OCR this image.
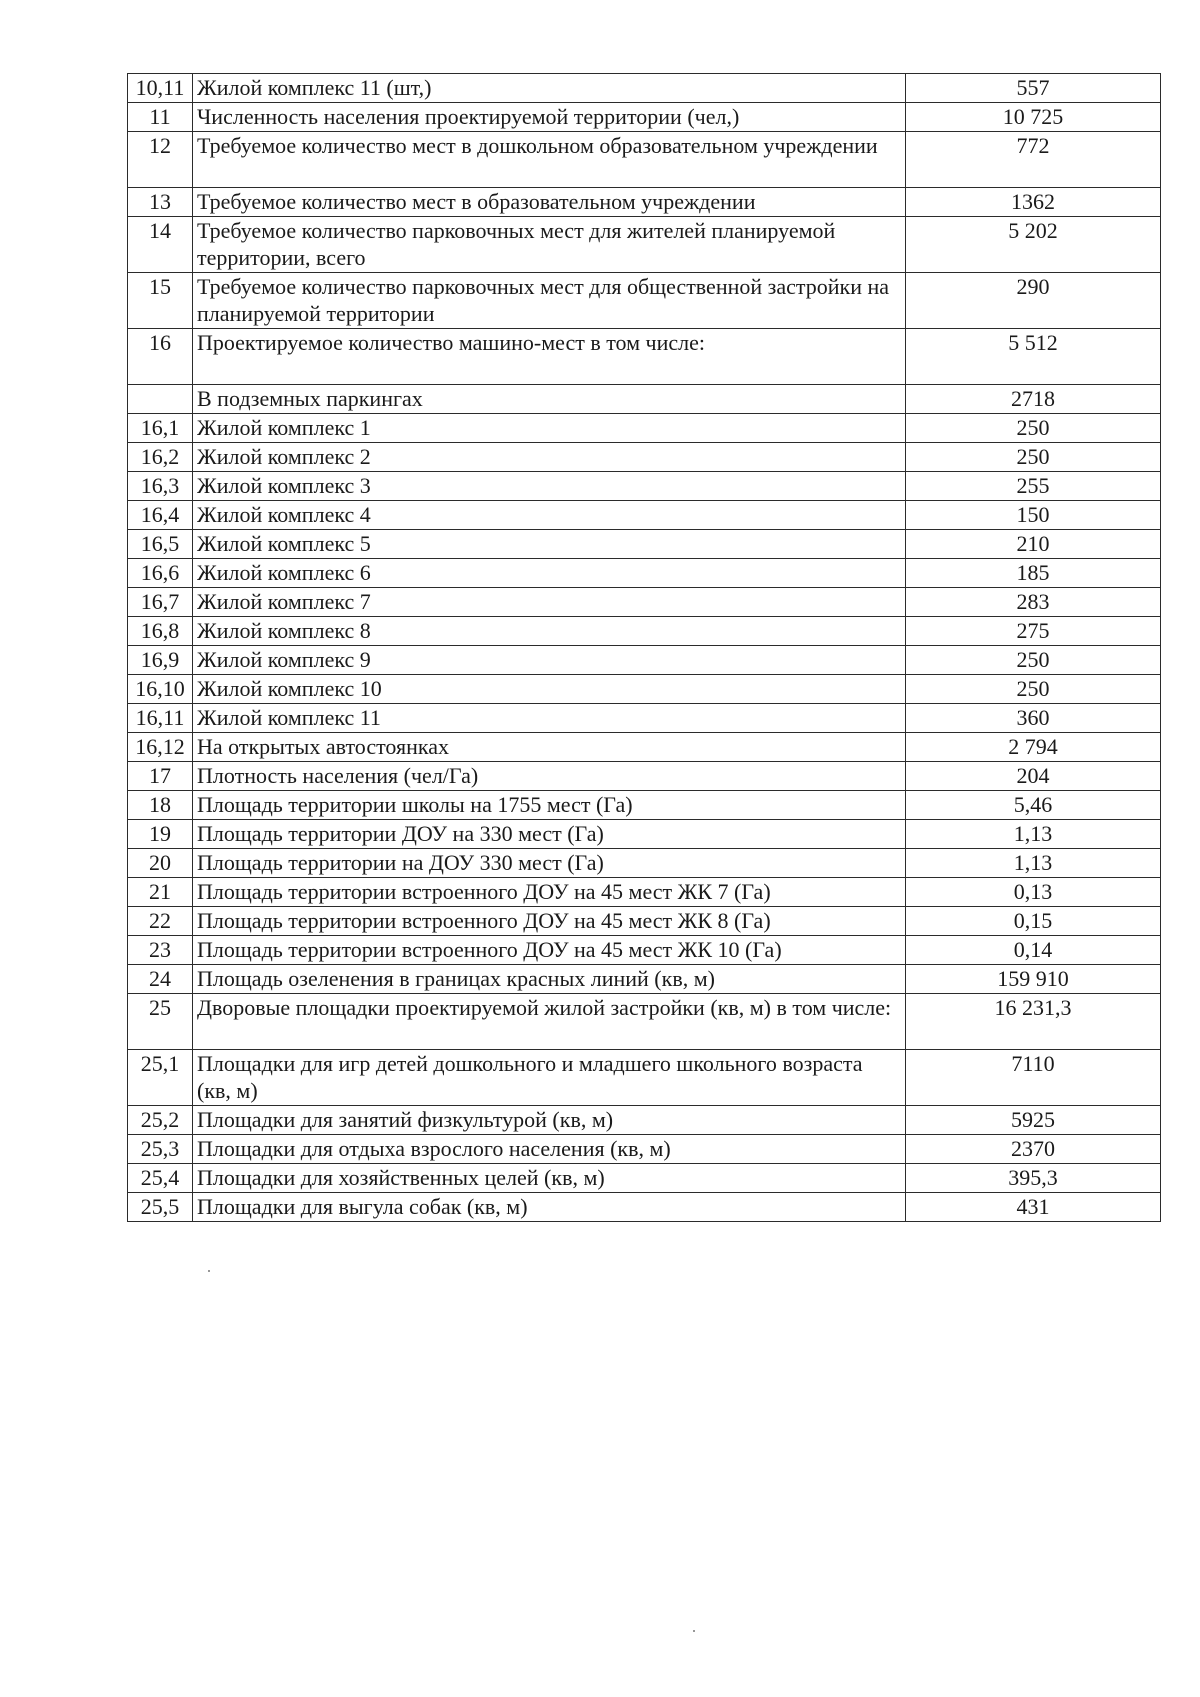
10,11	Жилой комплекс 11 (шт,)	557
11	Численность населения проектируемой территории (чел,)	10 725
12	Требуемое количество мест в дошкольном образовательном учреждении	772
13	Требуемое количество мест в образовательном учреждении	1362
14	Требуемое количество парковочных мест для жителей планируемой территории, всего	5 202
15	Требуемое количество парковочных мест для общественной застройки на планируемой территории	290
16	Проектируемое количество машино-мест в том числе:	5 512
	В подземных паркингах	2718
16,1	Жилой комплекс 1	250
16,2	Жилой комплекс 2	250
16,3	Жилой комплекс 3	255
16,4	Жилой комплекс 4	150
16,5	Жилой комплекс 5	210
16,6	Жилой комплекс 6	185
16,7	Жилой комплекс 7	283
16,8	Жилой комплекс 8	275
16,9	Жилой комплекс 9	250
16,10	Жилой комплекс 10	250
16,11	Жилой комплекс 11	360
16,12	На открытых автостоянках	2 794
17	Плотность населения (чел/Га)	204
18	Площадь территории школы на 1755 мест (Га)	5,46
19	Площадь территории ДОУ на 330 мест (Га)	1,13
20	Площадь территории на ДОУ 330 мест (Га)	1,13
21	Площадь территории встроенного ДОУ на 45 мест ЖК 7 (Га)	0,13
22	Площадь территории встроенного ДОУ на 45 мест ЖК 8 (Га)	0,15
23	Площадь территории встроенного ДОУ на 45 мест ЖК 10 (Га)	0,14
24	Площадь озеленения в границах красных линий (кв, м)	159 910
25	Дворовые площадки проектируемой жилой застройки (кв, м) в том числе:	16 231,3
25,1	Площадки для игр детей дошкольного и младшего школьного возраста (кв, м)	7110
25,2	Площадки для занятий физкультурой (кв, м)	5925
25,3	Площадки для отдыха взрослого населения (кв, м)	2370
25,4	Площадки для хозяйственных целей (кв, м)	395,3
25,5	Площадки для выгула собак (кв, м)	431
